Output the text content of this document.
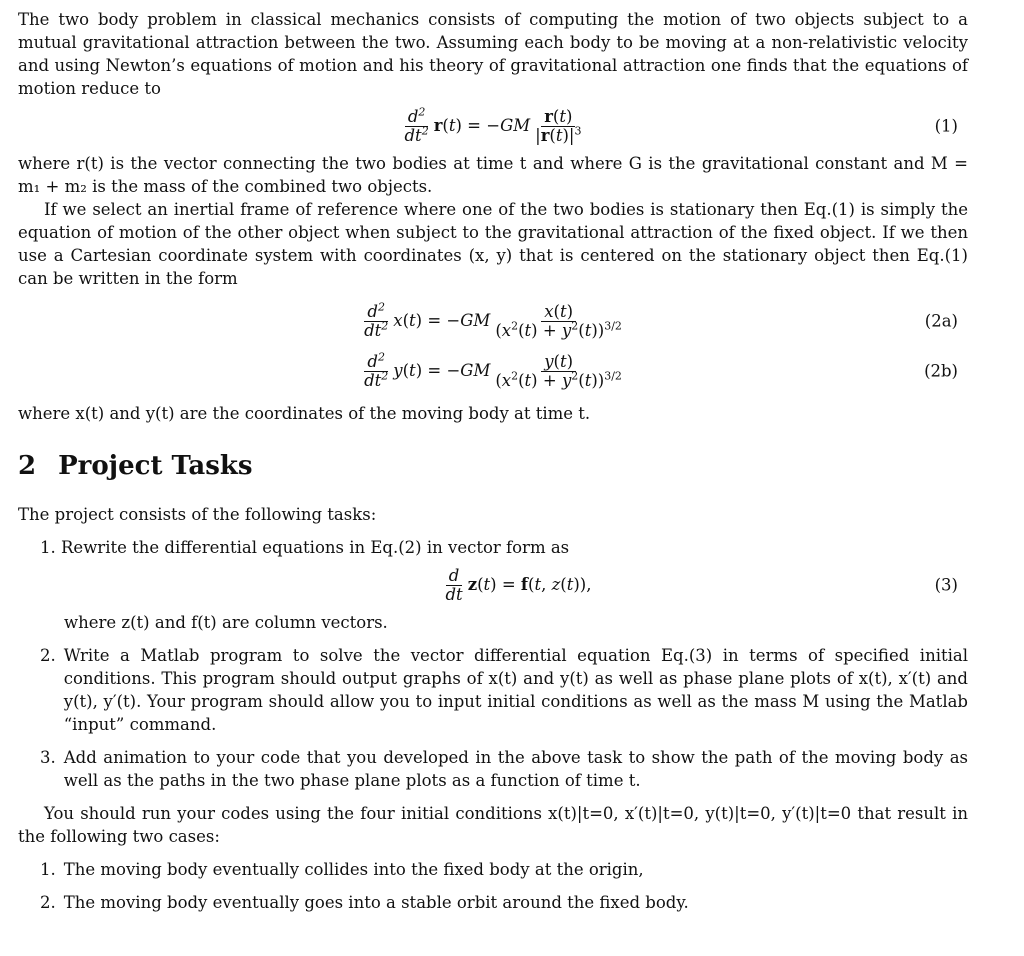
The two body problem in classical mechanics consists of computing the motion of two objects subject to a mutual gravitational attraction between the two. Assuming each body to be moving at a non-relativistic velocity and using Newton’s equations of motion and his theory of gravitational attraction one finds that the equations of motion reduce to

$\frac{d^2}{dt^2} r(t) = -GM \frac{r(t)}{|r(t)|^3}$	(1)

where r(t) is the vector connecting the two bodies at time t and where G is the gravitational constant and M = m₁ + m₂ is the mass of the combined two objects.

If we select an inertial frame of reference where one of the two bodies is stationary then Eq.(1) is simply the equation of motion of the other object when subject to the gravitational attraction of the fixed object. If we then use a Cartesian coordinate system with coordinates (x, y) that is centered on the stationary object then Eq.(1) can be written in the form

$\frac{d^2}{dt^2} x(t) = -GM \frac{x(t)}{(x^2(t) + y^2(t))^{3/2}}$	(2a)
$\frac{d^2}{dt^2} y(t) = -GM \frac{y(t)}{(x^2(t) + y^2(t))^{3/2}}$	(2b)

where x(t) and y(t) are the coordinates of the moving body at time t.

2 Project Tasks

The project consists of the following tasks:

1. Rewrite the differential equations in Eq.(2) in vector form as
$\frac{d}{dt} z(t) = f(t$, z(t)),	(3)
where z(t) and f(t) are column vectors.
2. Write a Matlab program to solve the vector differential equation Eq.(3) in terms of specified initial conditions. This program should output graphs of x(t) and y(t) as well as phase plane plots of x(t), x′(t) and y(t), y′(t). Your program should allow you to input initial conditions as well as the mass M using the Matlab “input” command.
3. Add animation to your code that you developed in the above task to show the path of the moving body as well as the paths in the two phase plane plots as a function of time t.

You should run your codes using the four initial conditions x(t)|t=0, x′(t)|t=0, y(t)|t=0, y′(t)|t=0 that result in the following two cases:

1. The moving body eventually collides into the fixed body at the origin,
2. The moving body eventually goes into a stable orbit around the fixed body.
